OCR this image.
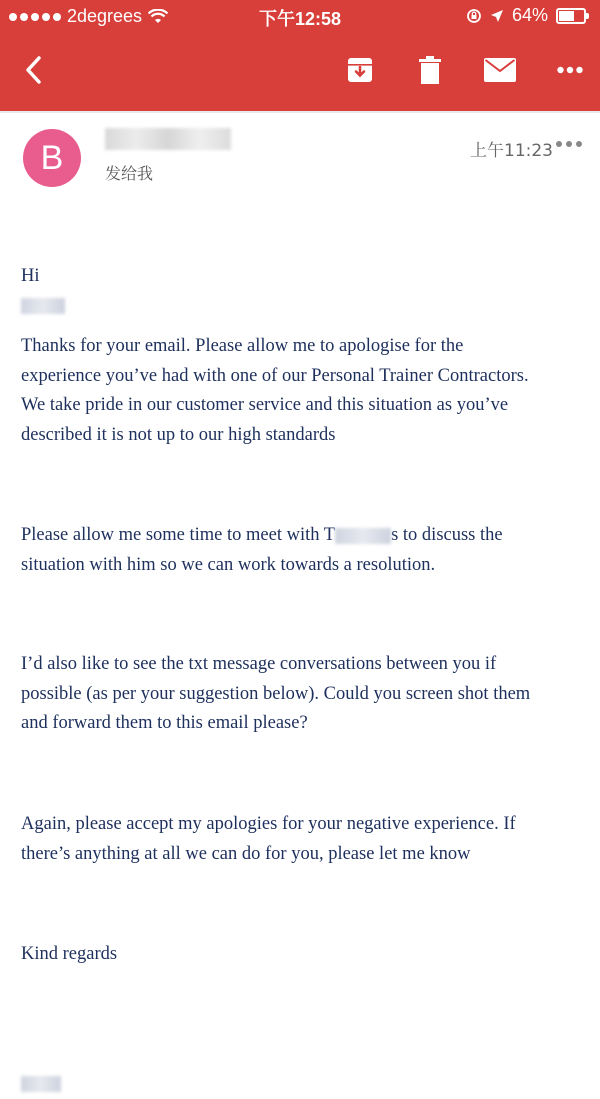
2degrees	下午12:58	64%
B	发给我
上午11:23

Hi

Thanks for your email. Please allow me to apologise for the
experience you’ve had with one of our Personal Trainer Contractors.
We take pride in our customer service and this situation as you’ve
described it is not up to our high standards

Please allow me some time to meet with T	s to discuss the
situation with him so we can work towards a resolution.

I’d also like to see the txt message conversations between you if
possible (as per your suggestion below). Could you screen shot them
and forward them to this email please?

Again, please accept my apologies for your negative experience. If
there’s anything at all we can do for you, please let me know

Kind regards
